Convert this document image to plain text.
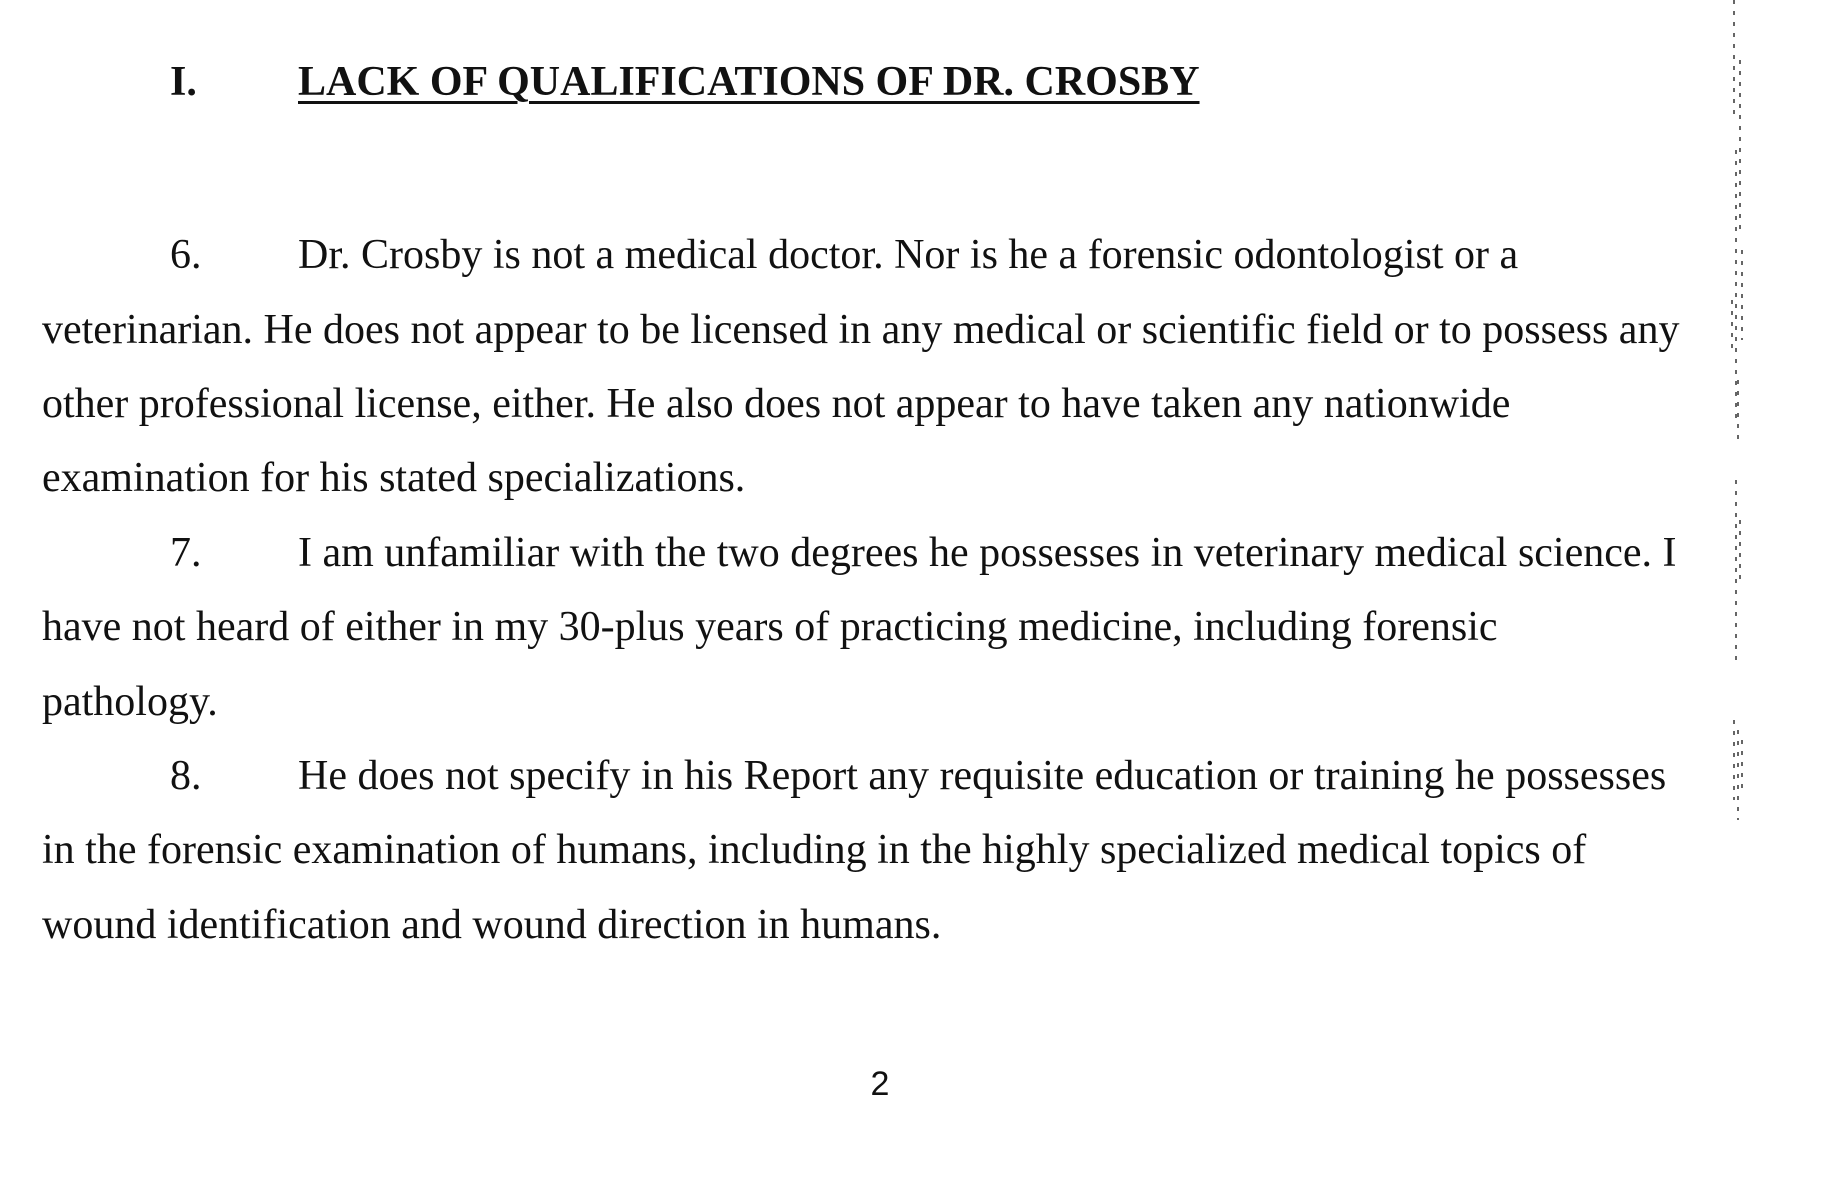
I. LACK OF QUALIFICATIONS OF DR. CROSBY
6. Dr. Crosby is not a medical doctor. Nor is he a forensic odontologist or a
veterinarian. He does not appear to be licensed in any medical or scientific field or to possess any
other professional license, either. He also does not appear to have taken any nationwide
examination for his stated specializations.
7. I am unfamiliar with the two degrees he possesses in veterinary medical science. I
have not heard of either in my 30-plus years of practicing medicine, including forensic
pathology.
8. He does not specify in his Report any requisite education or training he possesses
in the forensic examination of humans, including in the highly specialized medical topics of
wound identification and wound direction in humans.
2
